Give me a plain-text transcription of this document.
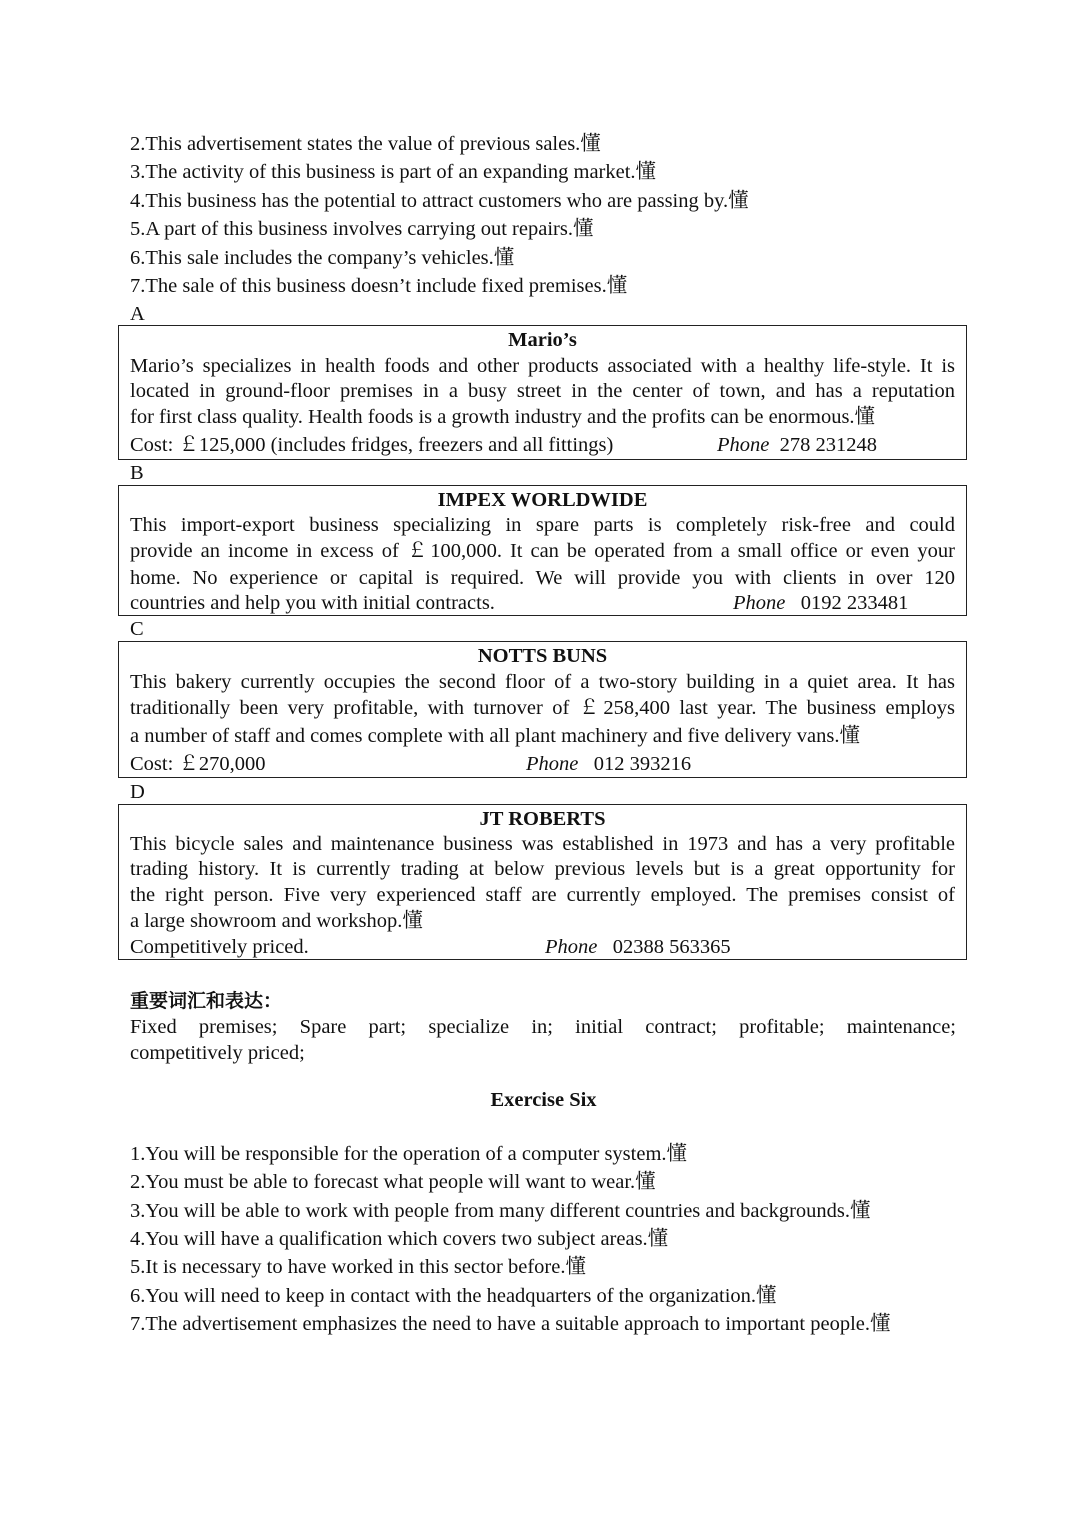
2.This advertisement states the value of previous sales.懂
3.The activity of this business is part of an expanding market.懂
4.This business has the potential to attract customers who are passing by.懂
5.A part of this business involves carrying out repairs.懂
6.This sale includes the company’s vehicles.懂
7.The sale of this business doesn’t include fixed premises.懂
A
Mario’s
Mario’s specializes in health foods and other products associated with a healthy life-style. It is
located in ground-floor premises in a busy street in the center of town, and has a reputation
for first class quality. Health foods is a growth industry and the profits can be enormous.懂
Cost: ￡125,000 (includes fridges, freezers and all fittings)	Phone 278 231248
B
IMPEX WORLDWIDE
This import-export business specializing in spare parts is completely risk-free and could
provide an income in excess of ￡100,000. It can be operated from a small office or even your
home. No experience or capital is required. We will provide you with clients in over 120
countries and help you with initial contracts.	Phone 0192 233481
C
NOTTS BUNS
This bakery currently occupies the second floor of a two-story building in a quiet area. It has
traditionally been very profitable, with turnover of ￡258,400 last year. The business employs
a number of staff and comes complete with all plant machinery and five delivery vans.懂
Cost: ￡270,000	Phone 012 393216
D
JT ROBERTS
This bicycle sales and maintenance business was established in 1973 and has a very profitable
trading history. It is currently trading at below previous levels but is a great opportunity for
the right person. Five very experienced staff are currently employed. The premises consist of
a large showroom and workshop.懂
Competitively priced.	Phone 02388 563365
重要词汇和表达：
Fixed premises; Spare part; specialize in; initial contract; profitable; maintenance;
competitively priced;
Exercise Six
1.You will be responsible for the operation of a computer system.懂
2.You must be able to forecast what people will want to wear.懂
3.You will be able to work with people from many different countries and backgrounds.懂
4.You will have a qualification which covers two subject areas.懂
5.It is necessary to have worked in this sector before.懂
6.You will need to keep in contact with the headquarters of the organization.懂
7.The advertisement emphasizes the need to have a suitable approach to important people.懂
